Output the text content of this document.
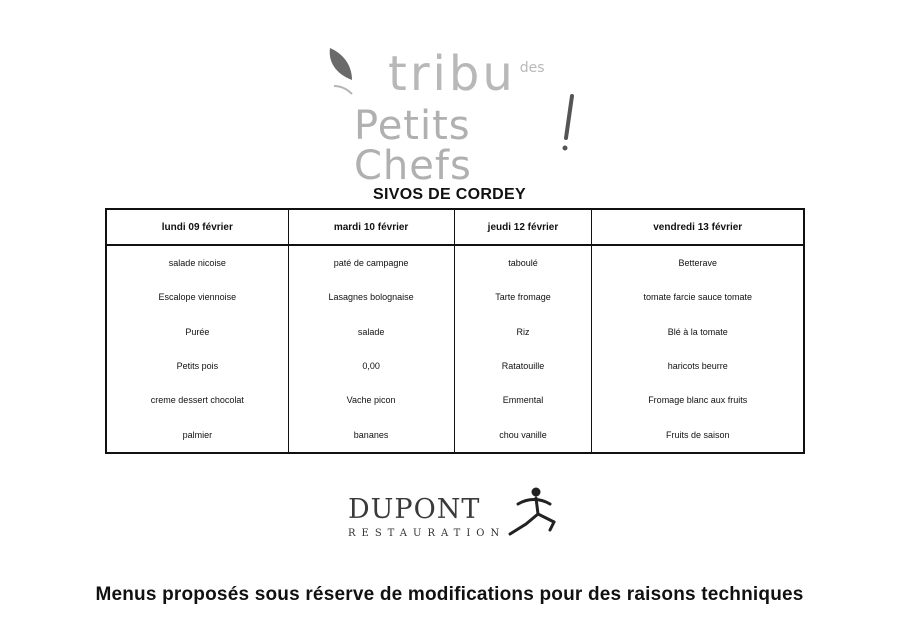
tribu $^{des}$
Petits Chefs
SIVOS DE CORDEY
lundi 09 février	mardi 10 février	jeudi 12 février	vendredi 13 février
salade nicoise	paté de campagne	taboulé	Betterave
Escalope viennoise	Lasagnes bolognaise	Tarte fromage	tomate farcie sauce tomate
Purée	salade	Riz	Blé à la tomate
Petits pois	0,00	Ratatouille	haricots beurre
creme dessert chocolat	Vache picon	Emmental	Fromage blanc aux fruits
palmier	bananes	chou vanille	Fruits de saison
DUPONT
RESTAURATION
Menus proposés sous réserve de modifications pour des raisons techniques
